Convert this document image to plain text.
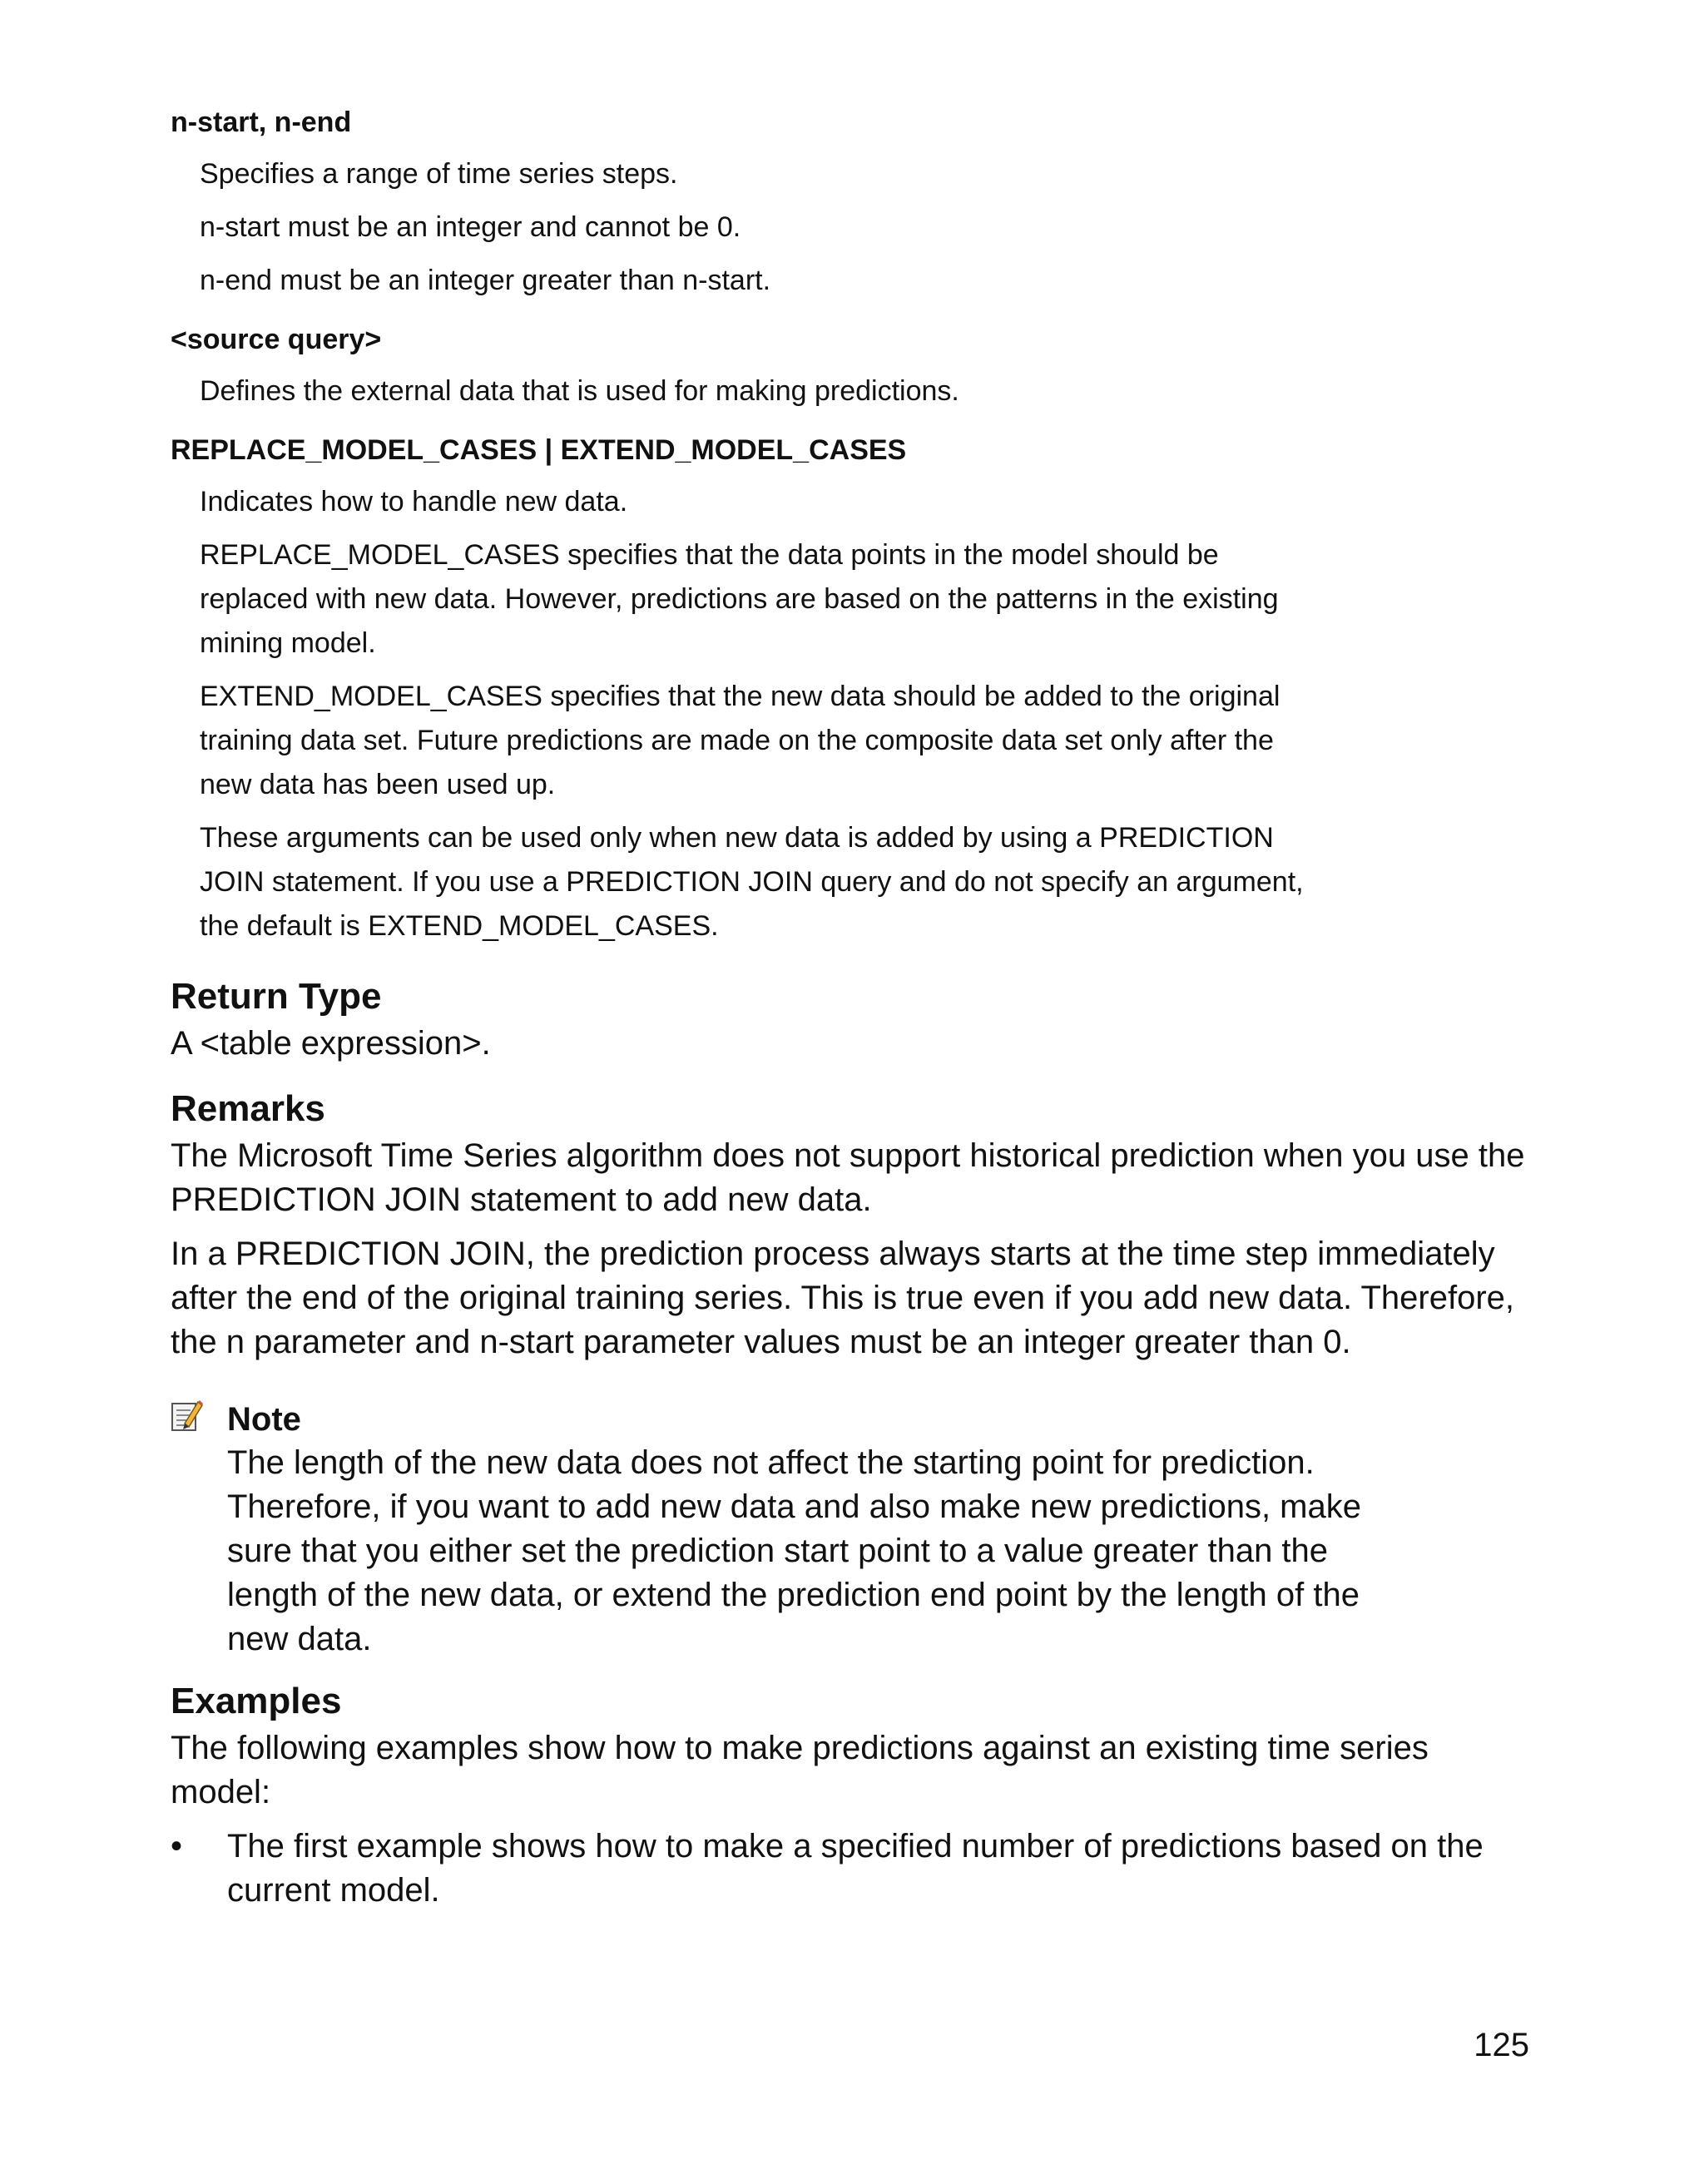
n-start, n-end

Specifies a range of time series steps.

n-start must be an integer and cannot be 0.

n-end must be an integer greater than n-start.

<source query>

Defines the external data that is used for making predictions.

REPLACE_MODEL_CASES | EXTEND_MODEL_CASES

Indicates how to handle new data.

REPLACE_MODEL_CASES specifies that the data points in the model should be replaced with new data. However, predictions are based on the patterns in the existing mining model.

EXTEND_MODEL_CASES specifies that the new data should be added to the original training data set. Future predictions are made on the composite data set only after the new data has been used up.

These arguments can be used only when new data is added by using a PREDICTION JOIN statement. If you use a PREDICTION JOIN query and do not specify an argument, the default is EXTEND_MODEL_CASES.

Return Type

A <table expression>.

Remarks

The Microsoft Time Series algorithm does not support historical prediction when you use the PREDICTION JOIN statement to add new data.

In a PREDICTION JOIN, the prediction process always starts at the time step immediately after the end of the original training series. This is true even if you add new data. Therefore, the n parameter and n-start parameter values must be an integer greater than 0.

Note

The length of the new data does not affect the starting point for prediction. Therefore, if you want to add new data and also make new predictions, make sure that you either set the prediction start point to a value greater than the length of the new data, or extend the prediction end point by the length of the new data.

Examples

The following examples show how to make predictions against an existing time series model:

• The first example shows how to make a specified number of predictions based on the current model.
125
